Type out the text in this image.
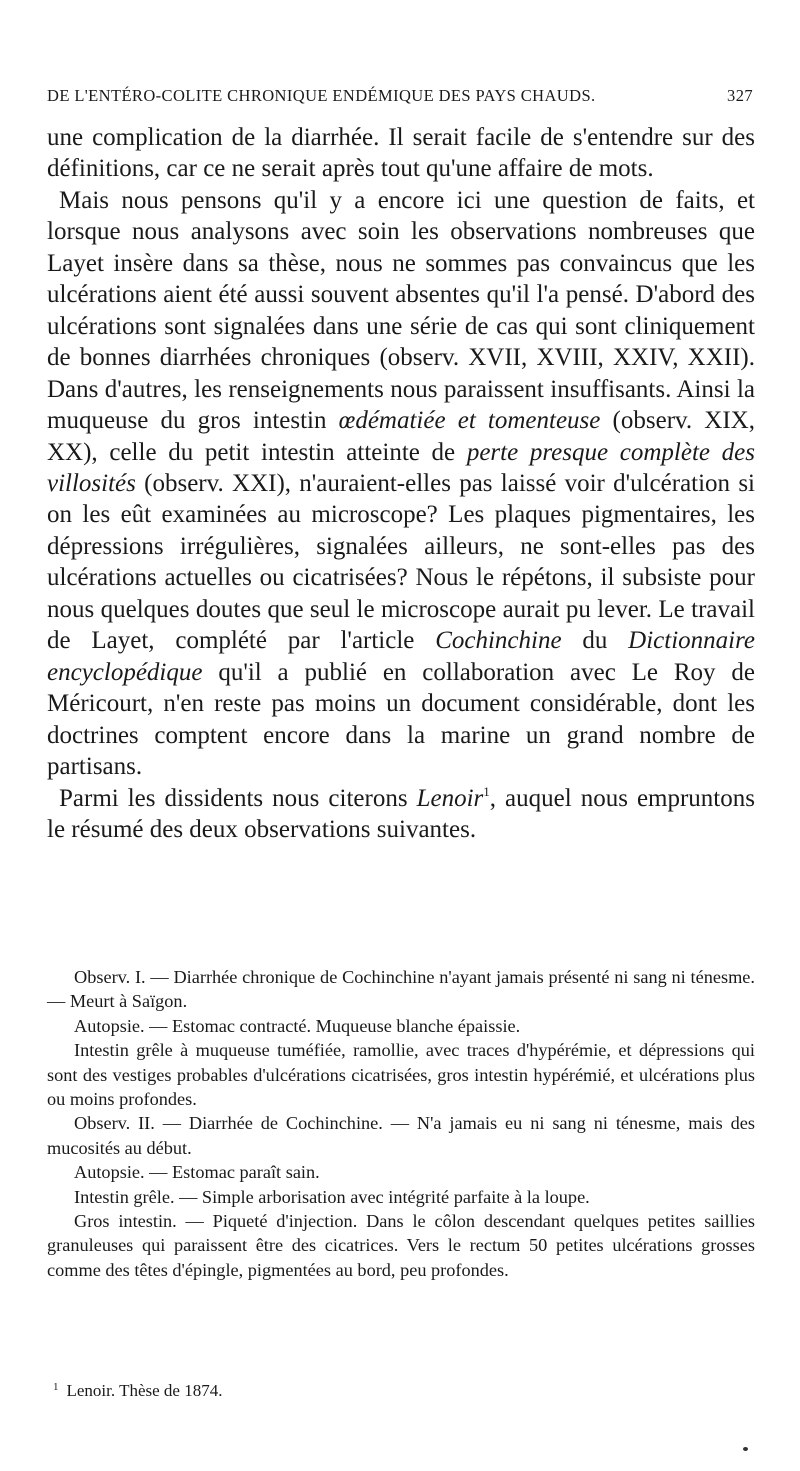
DE L'ENTÉRO-COLITE CHRONIQUE ENDÉMIQUE DES PAYS CHAUDS.	327

une complication de la diarrhée. Il serait facile de s'entendre sur des définitions, car ce ne serait après tout qu'une affaire de mots.

Mais nous pensons qu'il y a encore ici une question de faits, et lorsque nous analysons avec soin les observations nombreuses que Layet insère dans sa thèse, nous ne sommes pas convaincus que les ulcérations aient été aussi souvent absentes qu'il l'a pensé. D'abord des ulcérations sont signalées dans une série de cas qui sont cliniquement de bonnes diarrhées chroniques (observ. XVII, XVIII, XXIV, XXII). Dans d'autres, les renseignements nous paraissent insuffisants. Ainsi la muqueuse du gros intestin œdématiée et tomenteuse (observ. XIX, XX), celle du petit intestin atteinte de perte presque complète des villosités (observ. XXI), n'auraient-elles pas laissé voir d'ulcération si on les eût examinées au microscope? Les plaques pigmentaires, les dépressions irrégulières, signalées ailleurs, ne sont-elles pas des ulcérations actuelles ou cicatrisées? Nous le répétons, il subsiste pour nous quelques doutes que seul le microscope aurait pu lever. Le travail de Layet, complété par l'article Cochinchine du Dictionnaire encyclopédique qu'il a publié en collaboration avec Le Roy de Méricourt, n'en reste pas moins un document considérable, dont les doctrines comptent encore dans la marine un grand nombre de partisans.

Parmi les dissidents nous citerons Lenoir$^1$, auquel nous empruntons le résumé des deux observations suivantes.

Observ. I. — Diarrhée chronique de Cochinchine n'ayant jamais présenté ni sang ni ténesme. — Meurt à Saïgon.

Autopsie. — Estomac contracté. Muqueuse blanche épaissie.

Intestin grêle à muqueuse tuméfiée, ramollie, avec traces d'hypérémie, et dépressions qui sont des vestiges probables d'ulcérations cicatrisées, gros intestin hypérémié, et ulcérations plus ou moins profondes.

Observ. II. — Diarrhée de Cochinchine. — N'a jamais eu ni sang ni ténesme, mais des mucosités au début.

Autopsie. — Estomac paraît sain.

Intestin grêle. — Simple arborisation avec intégrité parfaite à la loupe.

Gros intestin. — Piqueté d'injection. Dans le côlon descendant quelques petites saillies granuleuses qui paraissent être des cicatrices. Vers le rectum 50 petites ulcérations grosses comme des têtes d'épingle, pigmentées au bord, peu profondes.

$^1$ Lenoir. Thèse de 1874.
